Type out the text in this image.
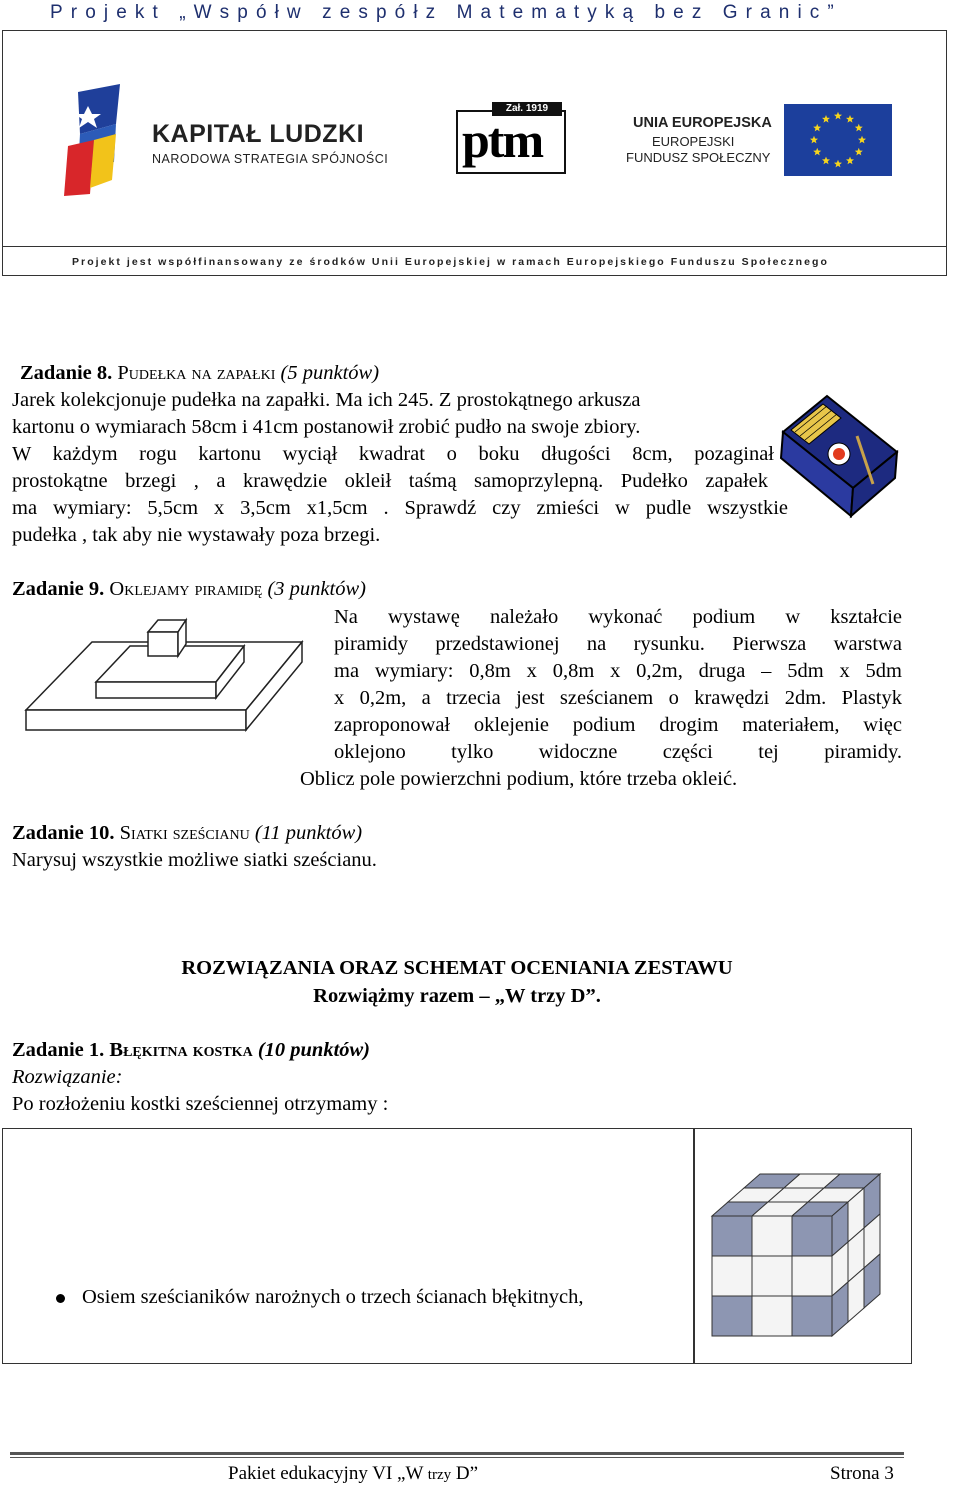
Projekt „Współw zespółz Matematyką bez Granic”
KAPITAŁ LUDZKI
NARODOWA STRATEGIA SPÓJNOŚCI
Zał. 1919
ptm	UNIA EUROPEJSKA
EUROPEJSKI
FUNDUSZ SPOŁECZNY
Projekt jest współfinansowany ze środków Unii Europejskiej w ramach Europejskiego Funduszu Społecznego
Zadanie 8. Pudełka na zapałki (5 punktów)
Jarek kolekcjonuje pudełka na zapałki. Ma ich 245. Z prostokątnego arkusza
kartonu o wymiarach 58cm i 41cm postanowił zrobić pudło na swoje zbiory.
W każdym rogu kartonu wyciął kwadrat o boku długości 8cm, pozaginał
prostokątne brzegi , a krawędzie okleił taśmą samoprzylepną. Pudełko zapałek
ma wymiary: 5,5cm x 3,5cm x1,5cm . Sprawdź czy zmieści w pudle wszystkie
pudełka , tak aby nie wystawały poza brzegi.
Zadanie 9. Oklejamy piramidę (3 punktów)
Na wystawę należało wykonać podium w kształcie
piramidy przedstawionej na rysunku. Pierwsza warstwa
ma wymiary: 0,8m x 0,8m x 0,2m, druga – 5dm x 5dm
x 0,2m, a trzecia jest sześcianem o krawędzi 2dm. Plastyk
zaproponował oklejenie podium drogim materiałem, więc
oklejono tylko widoczne części tej piramidy.
Oblicz pole powierzchni podium, które trzeba okleić.
Zadanie 10. Siatki sześcianu (11 punktów)
Narysuj wszystkie możliwe siatki sześcianu.
ROZWIĄZANIA ORAZ SCHEMAT OCENIANIA ZESTAWU
Rozwiążmy razem – „W trzy D”.
Zadanie 1. Błękitna kostka (10 punktów)
Rozwiązanie:
Po rozłożeniu kostki sześciennej otrzymamy :
Osiem sześcianików narożnych o trzech ścianach błękitnych,
Pakiet edukacyjny VI „W trzy D”	Strona 3
